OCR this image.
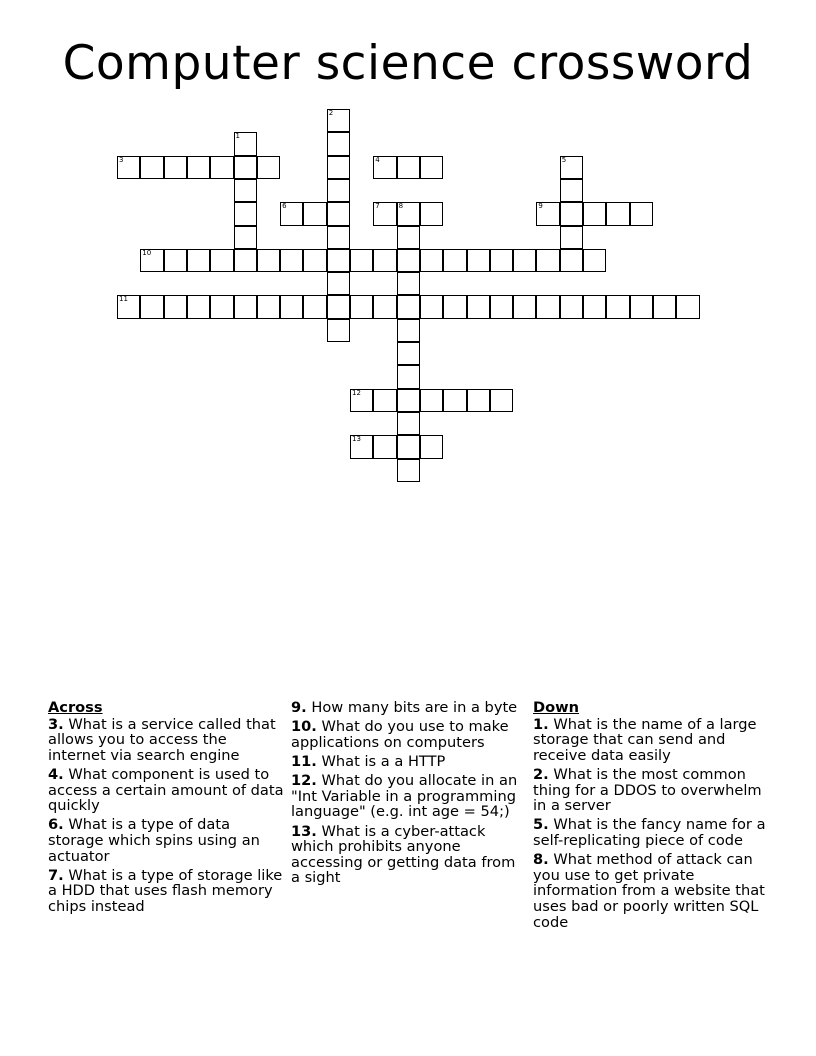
Computer science crossword
1
2
3	4	5
6	7	8	9
10
11
12
13
Across
3. What is a service called that allows you to access the internet via search engine
4. What component is used to access a certain amount of data quickly
6. What is a type of data storage which spins using an actuator
7. What is a type of storage like a HDD that uses flash memory chips instead
9. How many bits are in a byte
10. What do you use to make applications on computers
11. What is a a HTTP
12. What do you allocate in an "Int Variable in a programming language" (e.g. int age = 54;)
13. What is a cyber-attack which prohibits anyone accessing or getting data from a sight
Down
1. What is the name of a large storage that can send and receive data easily
2. What is the most common thing for a DDOS to overwhelm in a server
5. What is the fancy name for a self-replicating piece of code
8. What method of attack can you use to get private information from a website that uses bad or poorly written SQL code
